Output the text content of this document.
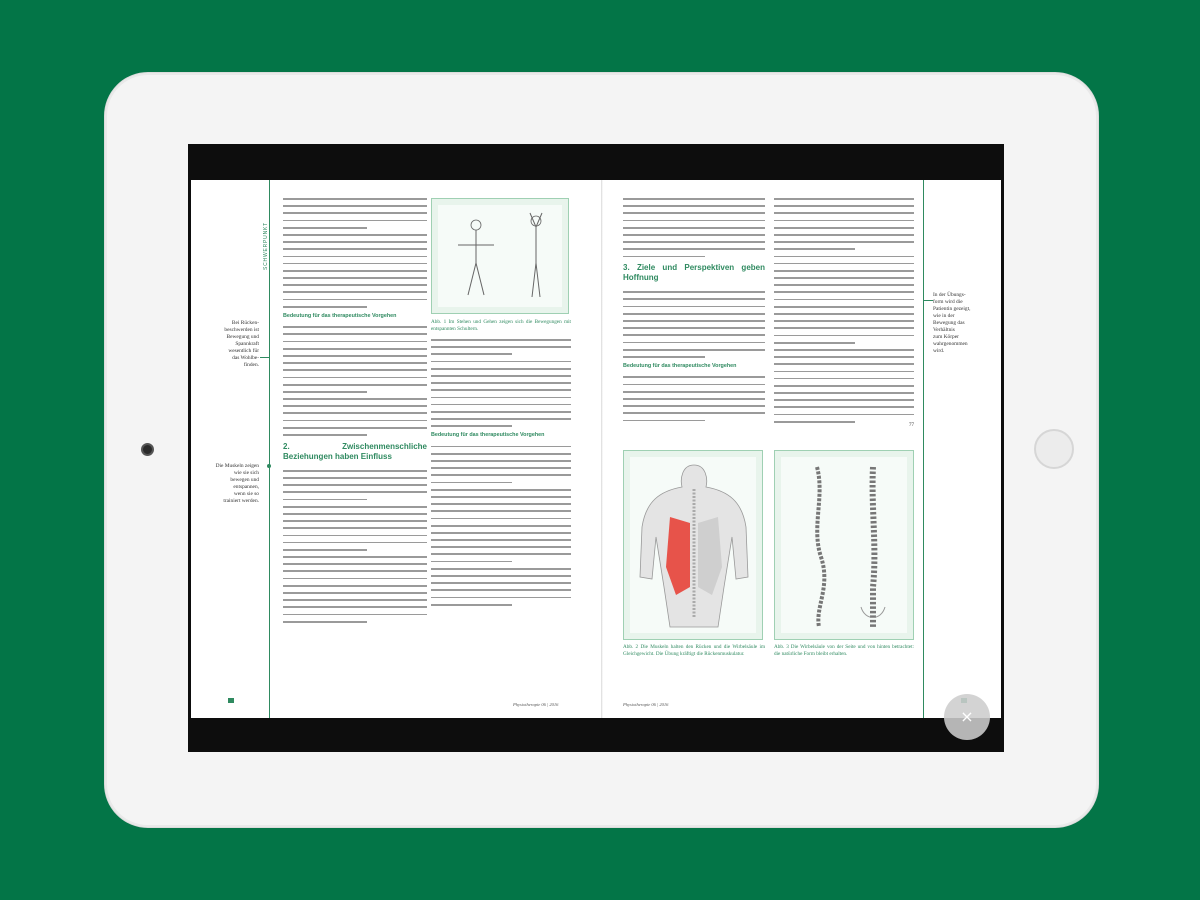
SCHWERPUNKT
Bei Rücken-
beschwerden ist
Bewegung und
Spannkraft
wesentlich für
das Wohlbe-
finden.
Die Muskeln zeigen
wie sie sich
bewegen und
entspannen,
wenn sie so
trainiert werden.
Bedeutung für das therapeutische Vorgehen
2. Zwischenmenschliche Beziehungen haben Einfluss
Abb. 1 Im Stehen und Gehen zeigen sich die Bewegungen mit entspannten Schultern.
Bedeutung für das therapeutische Vorgehen
Physiotherapie 06 | 2016
3. Ziele und Perspektiven geben Hoffnung
Bedeutung für das therapeutische Vorgehen
Abb. 2 Die Muskeln halten den Rücken und die Wirbelsäule im Gleichgewicht. Die Übung kräftigt die Rückenmuskulatur.
Physiotherapie 06 | 2016
77
Abb. 3 Die Wirbelsäule von der Seite und von hinten betrachtet: die natürliche Form bleibt erhalten.
In der Übungs-
form wird die
Patientin gezeigt,
wie in der
Bewegung das
Verhältnis
zum Körper
wahrgenommen
wird.
×
